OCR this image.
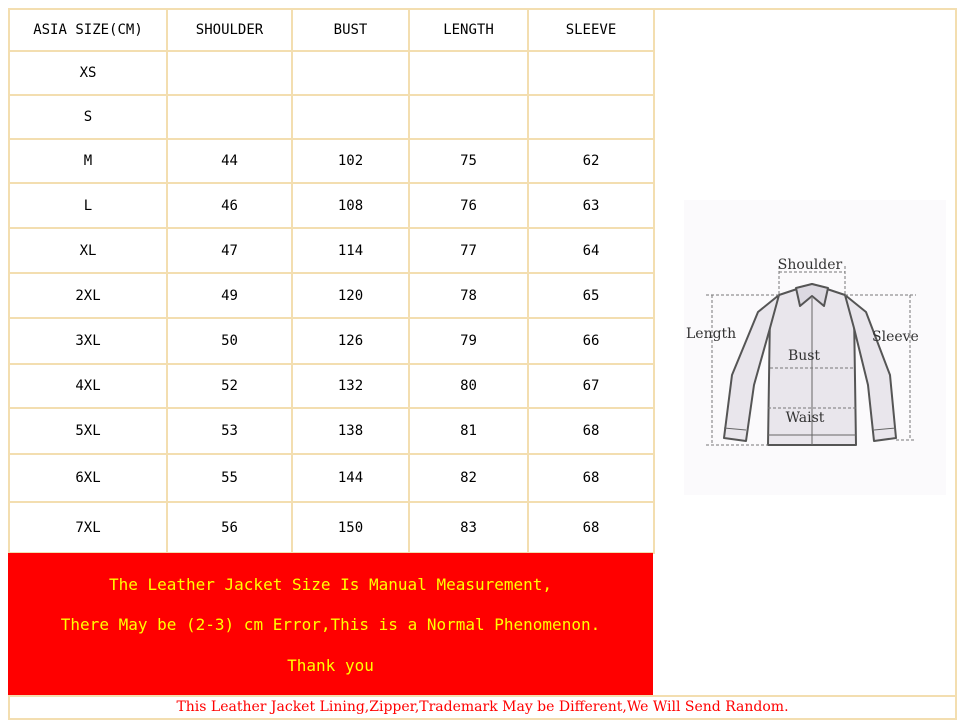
ASIA SIZE(CM)	SHOULDER	BUST	LENGTH	SLEEVE
XS				
S				
M	44	102	75	62
L	46	108	76	63
XL	47	114	77	64
2XL	49	120	78	65
3XL	50	126	79	66
4XL	52	132	80	67
5XL	53	138	81	68
6XL	55	144	82	68
7XL	56	150	83	68
Shoulder
Length	Sleeve
Bust
Waist
The Leather Jacket Size Is Manual Measurement,
There May be (2-3) cm Error,This is a Normal Phenomenon.
Thank you
This Leather Jacket Lining,Zipper,Trademark May be Different,We Will Send Random.
